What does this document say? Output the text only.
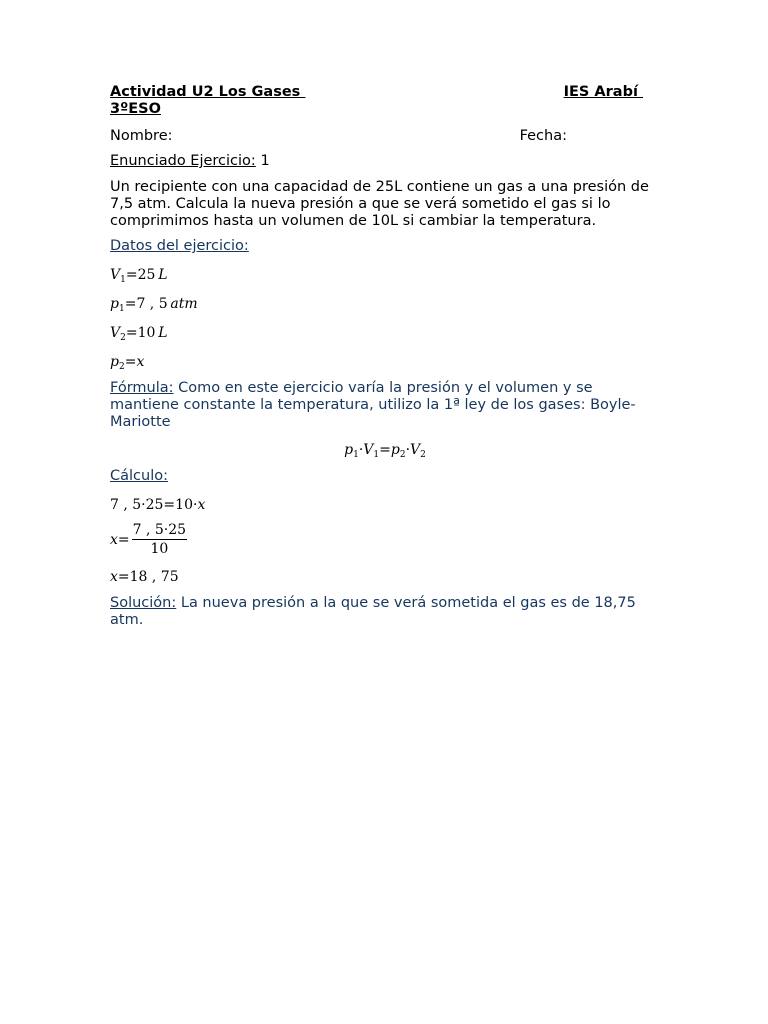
Actividad U2 Los Gases
	IES Arabí

3ºESO
Nombre:	Fecha:

Enunciado Ejercicio: 1

Un recipiente con una capacidad de 25L contiene un gas a una presión de 7,5 atm. Calcula la nueva presión a que se verá sometido el gas si lo comprimimos hasta un volumen de 10L si cambiar la temperatura.

Datos del ejercicio:

$V_1=25$  L
$p_1=7$ , 5  atm
$V_2=10$  L
$p_2=x$

Fórmula: Como en este ejercicio varía la presión y el volumen y se mantiene constante la temperatura, utilizo la 1ª ley de los gases: Boyle-Mariotte

$p_1\cdot V_1=p_2\cdot V_2$

Cálculo:

7 , 5·25=10·x
$x = \frac{7 , 5\cdot 25}{10}$
x=18 , 75

Solución: La nueva presión a la que se verá sometida el gas es de 18,75 atm.
